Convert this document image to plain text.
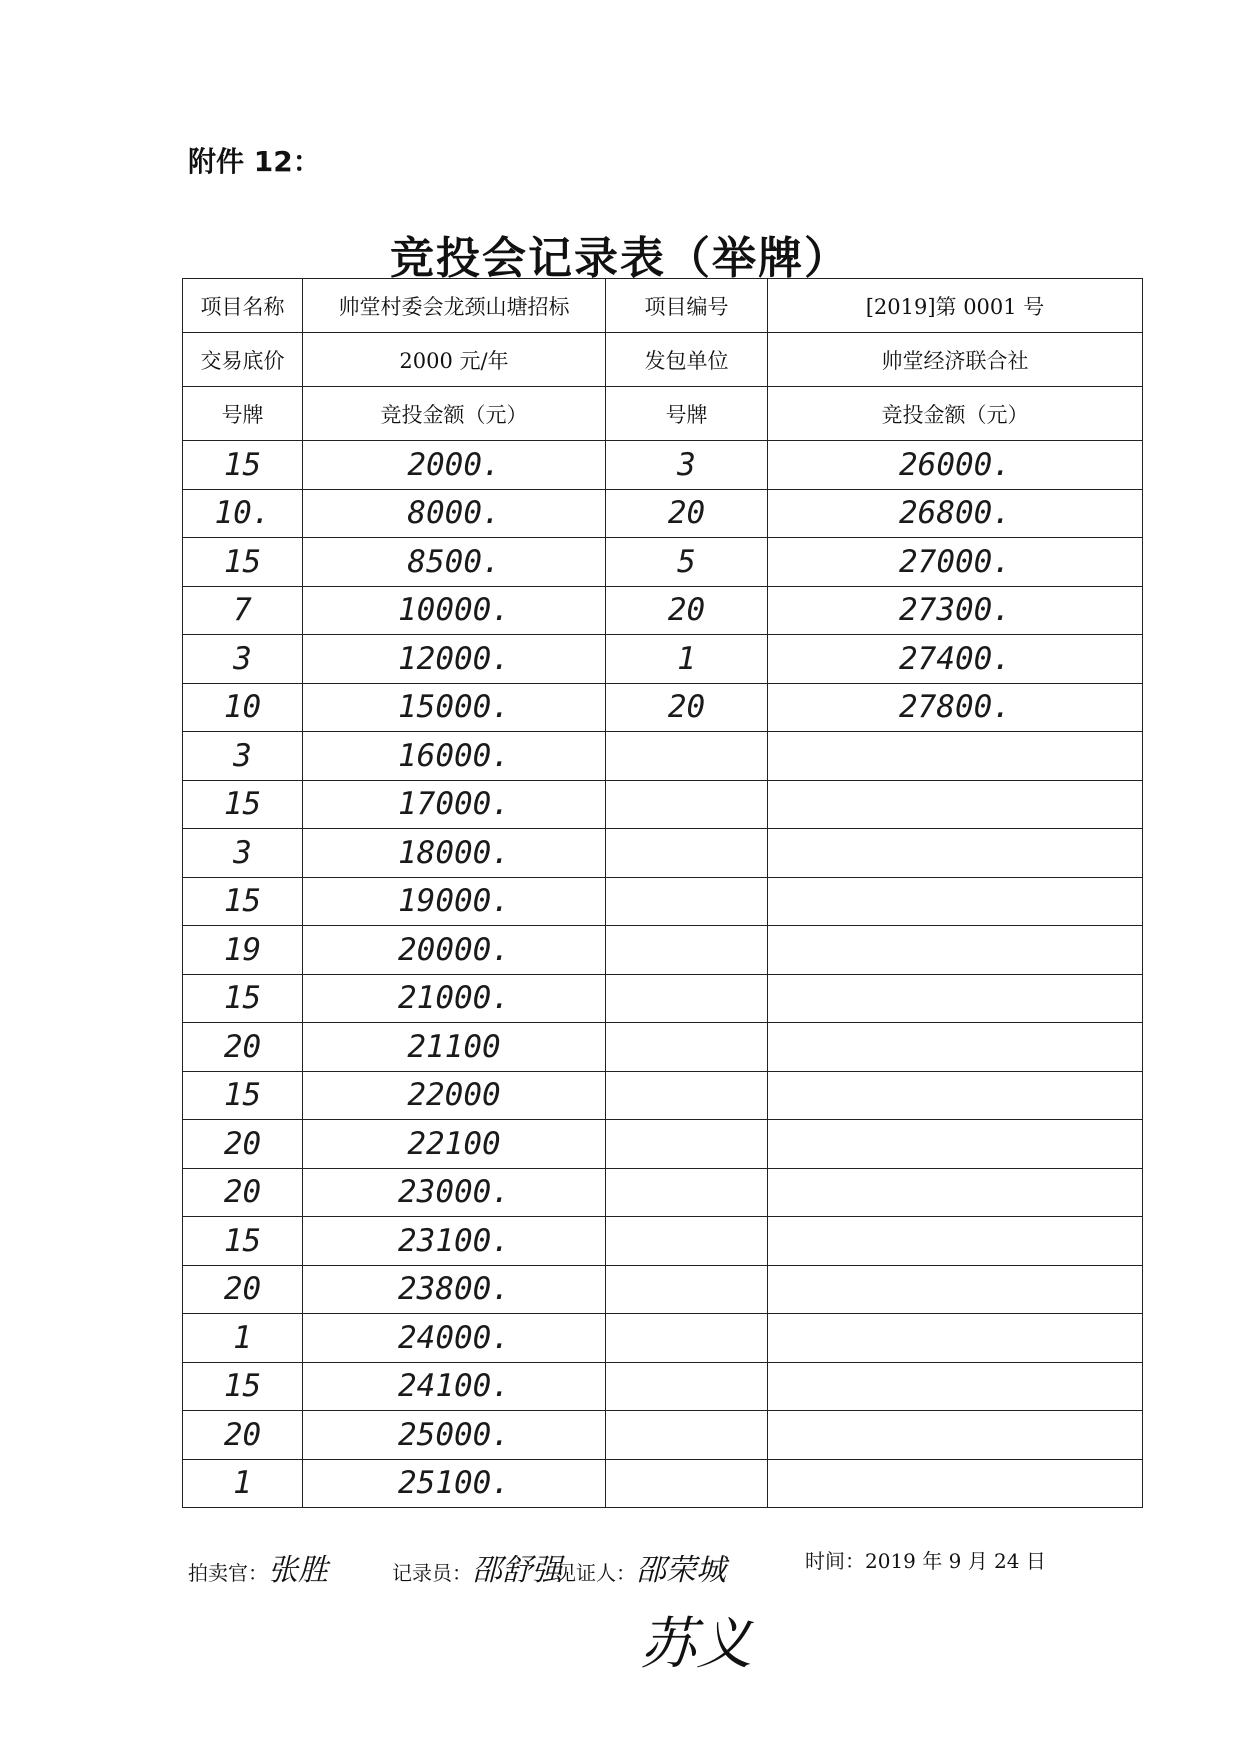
附件 12：
竞投会记录表（举牌）
项目名称	帅堂村委会龙颈山塘招标	项目编号	[2019]第 0001 号
交易底价	2000 元/年	发包单位	帅堂经济联合社
号牌	竞投金额（元）	号牌	竞投金额（元）
15	2000.	3	26000.
10.	8000.	20	26800.
15	8500.	5	27000.
7	10000.	20	27300.
3	12000.	1	27400.
10	15000.	20	27800.
3	16000.		
15	17000.		
3	18000.		
15	19000.		
19	20000.		
15	21000.		
20	21100		
15	22000		
20	22100		
20	23000.		
15	23100.		
20	23800.		
1	24000.		
15	24100.		
20	25000.		
1	25100.		
拍卖官：张胜	记录员：邵舒强
见证人：邵荣城
苏义
时间：2019 年 9 月 24 日
